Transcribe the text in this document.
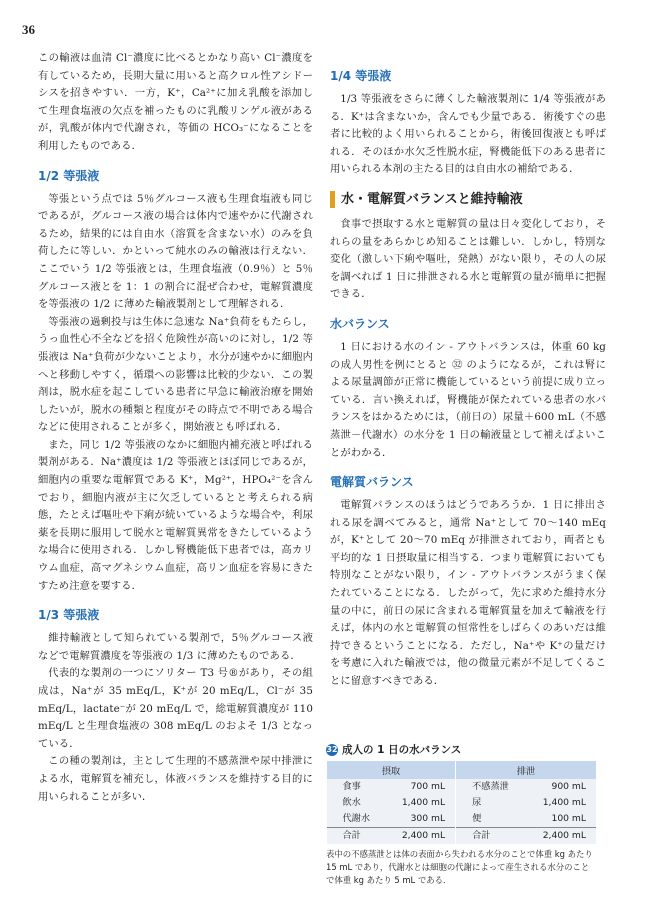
36

この輸液は血清 Cl⁻濃度に比べるとかなり高い Cl⁻濃度を有しているため，長期大量に用いると高クロル性アシドーシスを招きやすい．一方，K⁺，Ca²⁺に加え乳酸を添加して生理食塩液の欠点を補ったものに乳酸リンゲル液があるが，乳酸が体内で代謝され，等価の HCO₃⁻になることを利用したものである．

1/2 等張液

等張という点では 5％グルコース液も生理食塩液も同じであるが，グルコース液の場合は体内で速やかに代謝されるため，結果的には自由水（溶質を含まない水）のみを負荷したに等しい．かといって純水のみの輸液は行えない．ここでいう 1/2 等張液とは，生理食塩液（0.9％）と 5％グルコース液とを 1：1 の割合に混ぜ合わせ，電解質濃度を等張液の 1/2 に薄めた輸液製剤として理解される．

等張液の過剰投与は生体に急速な Na⁺負荷をもたらし，うっ血性心不全などを招く危険性が高いのに対し，1/2 等張液は Na⁺負荷が少ないことより，水分が速やかに細胞内へと移動しやすく，循環への影響は比較的少ない．この製剤は，脱水症を起こしている患者に早急に輸液治療を開始したいが，脱水の種類と程度がその時点で不明である場合などに使用されることが多く，開始液とも呼ばれる．

また，同じ 1/2 等張液のなかに細胞内補充液と呼ばれる製剤がある．Na⁺濃度は 1/2 等張液とほぼ同じであるが，細胞内の重要な電解質である K⁺，Mg²⁺，HPO₄²⁻を含んでおり，細胞内液が主に欠乏しているとと考えられる病態，たとえば嘔吐や下痢が続いているような場合や，利尿薬を長期に服用して脱水と電解質異常をきたしているような場合に使用される．しかし腎機能低下患者では，高カリウム血症，高マグネシウム血症，高リン血症を容易にきたすため注意を要する．

1/3 等張液

維持輸液として知られている製剤で，5％グルコース液などで電解質濃度を等張液の 1/3 に薄めたものである．

代表的な製剤の一つにソリター T3 号®があり，その組成は，Na⁺が 35 mEq/L，K⁺が 20 mEq/L，Cl⁻が 35 mEq/L，lactate⁻が 20 mEq/L で，総電解質濃度が 110 mEq/L と生理食塩液の 308 mEq/L のおよそ 1/3 となっている．

この種の製剤は，主として生理的不感蒸泄や尿中排泄による水，電解質を補充し，体液バランスを維持する目的に用いられることが多い．

1/4 等張液

1/3 等張液をさらに薄くした輸液製剤に 1/4 等張液がある．K⁺は含まないか，含んでも少量である．術後すぐの患者に比較的よく用いられることから，術後回復液とも呼ばれる．そのほか水欠乏性脱水症，腎機能低下のある患者に用いられる本剤の主たる目的は自由水の補給である．

水・電解質バランスと維持輸液

食事で摂取する水と電解質の量は日々変化しており，それらの量をあらかじめ知ることは難しい．しかし，特別な変化（激しい下痢や嘔吐，発熱）がない限り，その人の尿を調べれば 1 日に排泄される水と電解質の量が簡単に把握できる．

水バランス

1 日における水のイン - アウトバランスは，体重 60 kg の成人男性を例にとると ㉜ のようになるが，これは腎による尿量調節が正常に機能しているという前提に成り立っている．言い換えれば，腎機能が保たれている患者の水バランスをはかるためには，（前日の）尿量＋600 mL（不感蒸泄－代謝水）の水分を 1 日の輸液量として補えばよいことがわかる．

電解質バランス

電解質バランスのほうはどうであろうか．1 日に排出される尿を調べてみると，通常 Na⁺として 70～140 mEq が，K⁺として 20～70 mEq が排泄されており，両者とも平均的な 1 日摂取量に相当する．つまり電解質においても特別なことがない限り，イン - アウトバランスがうまく保たれていることになる．したがって，先に求めた維持水分量の中に，前日の尿に含まれる電解質量を加えて輸液を行えば，体内の水と電解質の恒常性をしばらくのあいだは維持できるということになる．ただし，Na⁺や K⁺の量だけを考慮に入れた輸液では，他の微量元素が不足してくることに留意すべきである．

32 成人の 1 日の水バランス
摂取		排泄	
食事	700 mL	不感蒸泄	900 mL
飲水	1,400 mL	尿	1,400 mL
代謝水	300 mL	便	100 mL
合計	2,400 mL	合計	2,400 mL
表中の不感蒸泄とは体の表面から失われる水分のことで体重 kg あたり 15 mL であり，代謝水とは細胞の代謝によって産生される水分のことで体重 kg あたり 5 mL である．
